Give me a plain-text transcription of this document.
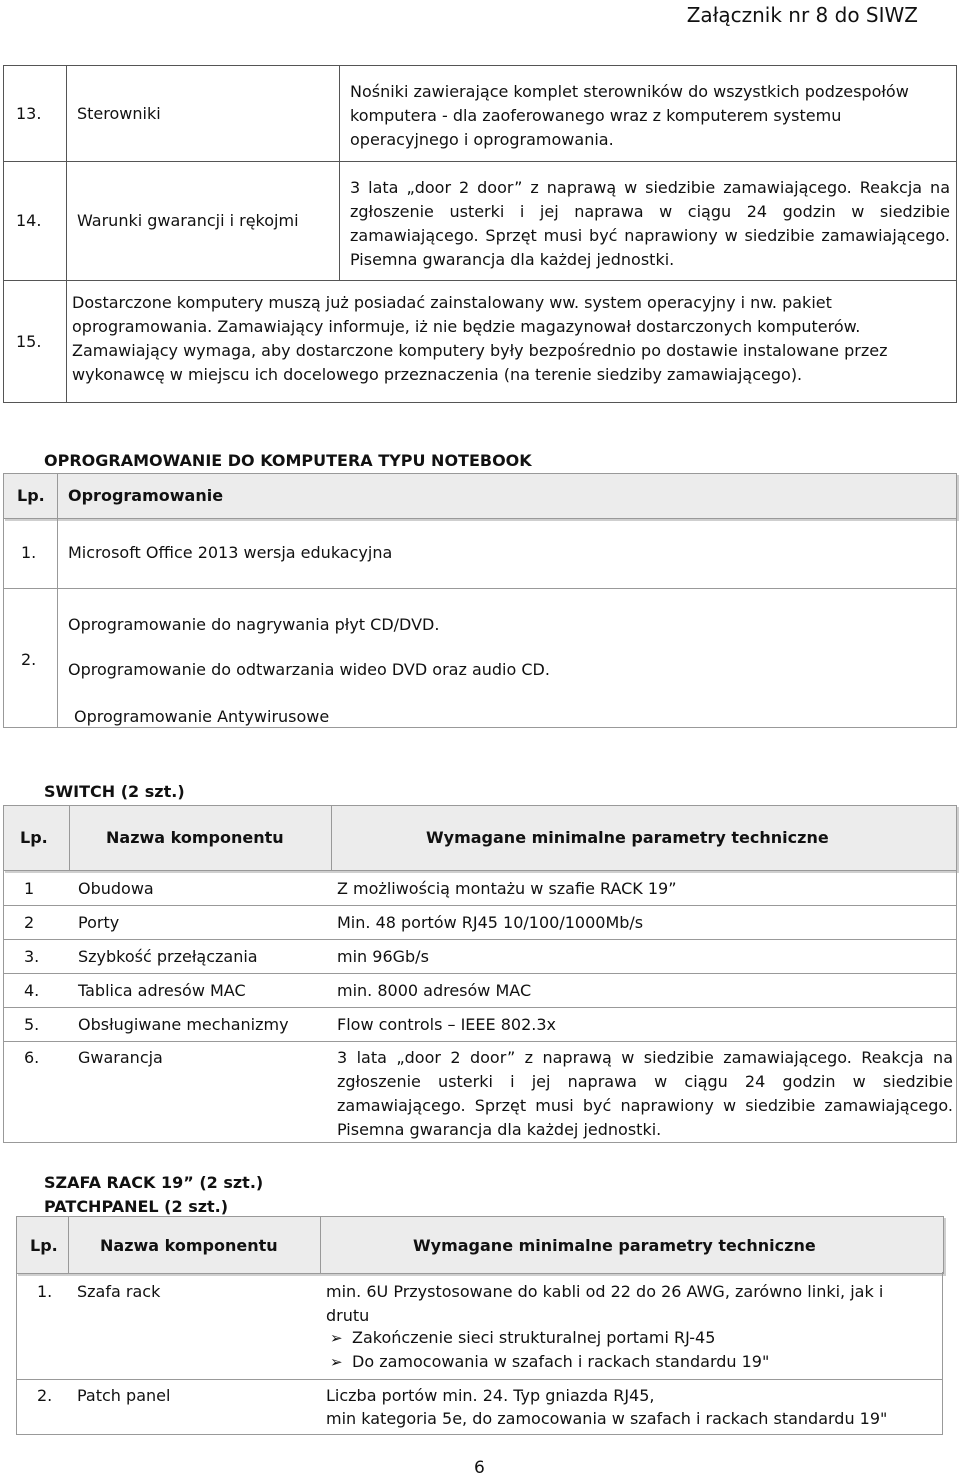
Załącznik nr 8 do SIWZ
13.	Sterowniki	Nośniki zawierające komplet sterowników do wszystkich podzespołów komputera - dla zaoferowanego wraz z komputerem systemu operacyjnego i oprogramowania.
14.	Warunki gwarancji i rękojmi	3 lata „door 2 door” z naprawą w siedzibie zamawiającego. Reakcja na zgłoszenie usterki i jej naprawa w ciągu 24 godzin w siedzibie zamawiającego. Sprzęt musi być naprawiony w siedzibie zamawiającego. Pisemna gwarancja dla każdej jednostki.
15.	Dostarczone komputery muszą już posiadać zainstalowany ww. system operacyjny i nw. pakiet oprogramowania. Zamawiający informuje, iż nie będzie magazynował dostarczonych komputerów. Zamawiający wymaga, aby dostarczone komputery były bezpośrednio po dostawie instalowane przez wykonawcę w miejscu ich docelowego przeznaczenia (na terenie siedziby zamawiającego).	
OPROGRAMOWANIE DO KOMPUTERA TYPU NOTEBOOK
Lp. Oprogramowanie
1. Microsoft Office 2013 wersja edukacyjna
2.
Oprogramowanie do nagrywania płyt CD/DVD.
Oprogramowanie do odtwarzania wideo DVD oraz audio CD.
Oprogramowanie Antywirusowe
SWITCH (2 szt.)
Lp.	Nazwa komponentu	Wymagane minimalne parametry techniczne
1	Obudowa	Z możliwością montażu w szafie RACK 19”
2	Porty	Min. 48 portów RJ45 10/100/1000Mb/s
3. Szybkość przełączania	min 96Gb/s
4. Tablica adresów MAC	min. 8000 adresów MAC
5. Obsługiwane mechanizmy	Flow controls – IEEE 802.3x
6. Gwarancja	3 lata „door 2 door” z naprawą w siedzibie zamawiającego. Reakcja na zgłoszenie usterki i jej naprawa w ciągu 24 godzin w siedzibie zamawiającego. Sprzęt musi być naprawiony w siedzibie zamawiającego. Pisemna gwarancja dla każdej jednostki.
SZAFA RACK 19” (2 szt.)
PATCHPANEL (2 szt.)
Lp.	Nazwa komponentu	Wymagane minimalne parametry techniczne
1. Szafa rack	min. 6U Przystosowane do kabli od 22 do 26 AWG, zarówno linki, jak i drutu
➢ Zakończenie sieci strukturalnej portami RJ-45
➢ Do zamocowania w szafach i rackach standardu 19"
2. Patch panel	Liczba portów min. 24. Typ gniazda RJ45,
min kategoria 5e, do zamocowania w szafach i rackach standardu 19"
6
